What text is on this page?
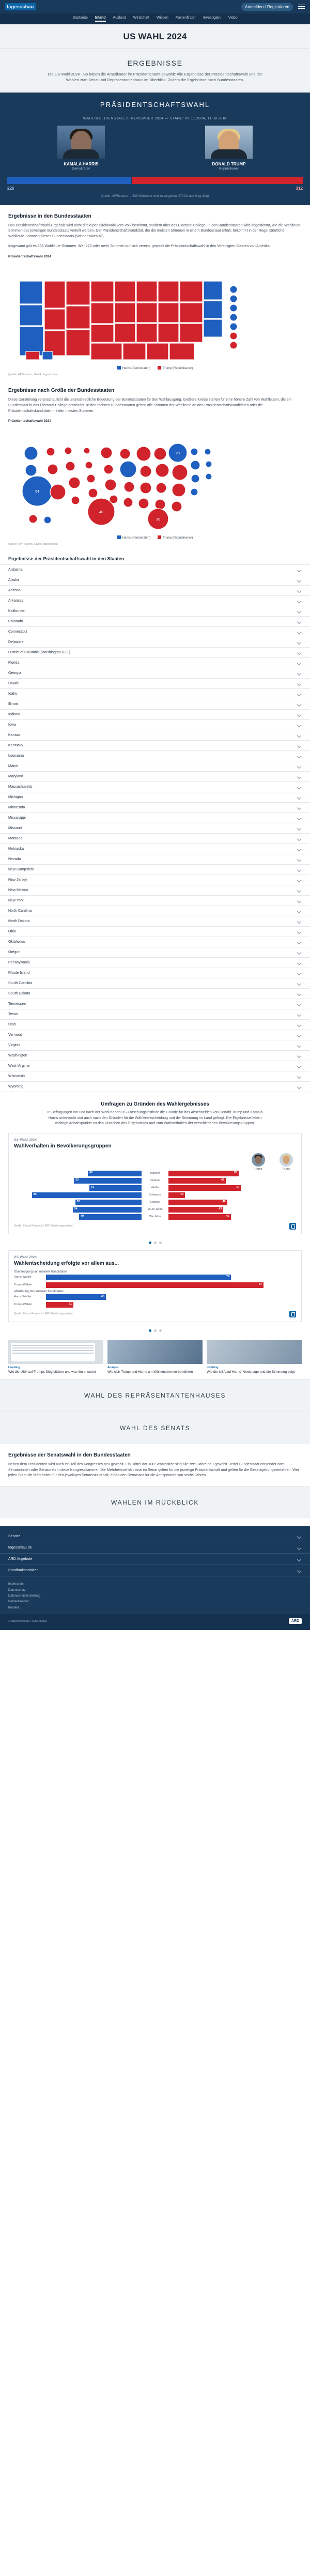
tagesschau	Anmelden / Registrieren
Startseite Inland Ausland Wirtschaft Wissen Faktenfinder Investigativ Video
US WAHL 2024
ERGEBNISSE

Die US-Wahl 2024 - So haben die Amerikaner ihr Präsidentenamt gewählt: Alle Ergebnisse der Präsidentschaftswahl und der Wahlen zum Senat und Repräsentantenhaus im Überblick. Zudem die Ergebnisse nach Bundesstaaten.

PRÄSIDENTSCHAFTSWAHL
WAHLTAG: DIENSTAG, 5. NOVEMBER 2024 — STAND: 06.11.2024, 11:30 UHR
KAMALA HARRIS
Demokraten
DONALD TRUMP
Republikaner
226	312
Quelle: AP/Reuters — 538 Wahlleute sind zu vergeben, 270 für den Sieg nötig
Ergebnisse in den Bundesstaaten

Das Präsidentschaftswahl-Ergebnis wird nicht direkt per Direktwahl vom Volk bestimmt, sondern über das Electoral College. In den Bundesstaaten wird abgestimmt, wie die Wahlleute-Stimmen des jeweiligen Bundesstaats verteilt werden. Der Präsidentschaftskandidat, der die meisten Stimmen in einem Bundesstaat erhält, bekommt in der Regel sämtliche Wahlleute-Stimmen dieses Bundesstaats (Winner-takes-all).

Insgesamt gibt es 538 Wahlleute-Stimmen. Wer 270 oder mehr Stimmen auf sich vereint, gewinnt die Präsidentschaftswahl in den Vereinigten Staaten von Amerika.

Präsidentschaftswahl 2024
Harris (Demokraten)	Trump (Republikaner)
Quelle: AP/Reuters, Grafik: tagesschau
Ergebnisse nach Größe der Bundesstaaten

Diese Darstellung veranschaulicht die unterschiedliche Bedeutung der Bundesstaaten für den Wahlausgang. Größere Kreise stehen für eine höhere Zahl von Wahlleuten, die ein Bundesstaat in das Electoral College entsendet. In den meisten Bundesstaaten gehen alle Stimmen der Wahlleute an den Präsidentschaftskandidaten oder die Präsidentschaftskandidatin mit den meisten Stimmen.

Präsidentschaftswahl 2024
54
40
28
30
Harris (Demokraten)	Trump (Republikaner)
Quelle: AP/Reuters, Grafik: tagesschau
Ergebnisse der Präsidentschaftswahl in den Staaten
Alabama
Alaska
Arizona
Arkansas
Kalifornien
Colorado
Connecticut
Delaware
District of Columbia (Washington D.C.)
Florida
Georgia
Hawaii
Idaho
Illinois
Indiana
Iowa
Kansas
Kentucky
Louisiana
Maine
Maryland
Massachusetts
Michigan
Minnesota
Mississippi
Missouri
Montana
Nebraska
Nevada
New Hampshire
New Jersey
New Mexico
New York
North Carolina
North Dakota
Ohio
Oklahoma
Oregon
Pennsylvania
Rhode Island
South Carolina
South Dakota
Tennessee
Texas
Utah
Vermont
Virginia
Washington
West Virginia
Wisconsin
Wyoming
Umfragen zu Gründen des Wahlergebnisses

In Befragungen vor und nach der Wahl haben US-Forschungsinstitute die Gründe für das Abschneiden von Donald Trump und Kamala Harris untersucht und auch nach den Gründen für die Wählerentscheidung und die Stimmung im Land gefragt. Die Ergebnisse liefern wichtige Anhaltspunkte zu den Ursachen des Ergebnisses und zum Wahlverhalten der verschiedenen Bevölkerungsgruppen.

US-Wahl 2024
Wahlverhalten in Bevölkerungsgruppen
Harris	Trump
42	Männer	55
53	Frauen	45
41	Weiße	57
86	Schwarze	13
52	Latinos	46
54	18-29 Jahre	43
49	65+ Jahre	49
Quelle: Edison Research / NEP, Grafik: tagesschau
US-Wahl 2024
Wahlentscheidung erfolgte vor allem aus...
Überzeugung von meinem Kandidaten
Harris-Wähler	74
Trump-Wähler	87
Ablehnung des anderen Kandidaten
Harris-Wähler	24
Trump-Wähler	11
Quelle: Edison Research / NEP, Grafik: tagesschau
Liveblog
Wie die USA auf Trumps Sieg blicken und was ihn erwartet
Analyse
Wie sich Trump und Harris um Wählerstimmen bemühten
Liveblog
Wie die USA auf Harris' Niederlage und die Stimmung zeigt
WAHL DES REPRÄSENTANTENHAUSES
WAHL DES SENATS
Ergebnisse der Senatswahl in den Bundesstaaten

Neben dem Präsidenten wird auch ein Teil des Kongresses neu gewählt. Ein Drittel der 100 Senatssitze sind alle zwei Jahre neu gewählt. Jeder Bundesstaat entsendet zwei Senatorinnen oder Senatoren in diese Kongresskammer. Die Mehrheitsverhältnisse im Senat gelten für die jeweilige Präsidentschaft und gelten für die Gesetzgebungsverfahren. Wer jeden Staat die Mehrheiten für den jeweiligen Senatssitz erhält, erhält den Senatssitz für die Amtsperiode von sechs Jahren.

WAHLEN IM RÜCKBLICK
Service
tagesschau.de
ARD Angebote
Rundfunkanstalten
Impressum
Datenschutz
Datenschutzeinstellung
Barrierefreiheit
Kontakt
© tagesschau.de / ARD-aktuell	ARD
